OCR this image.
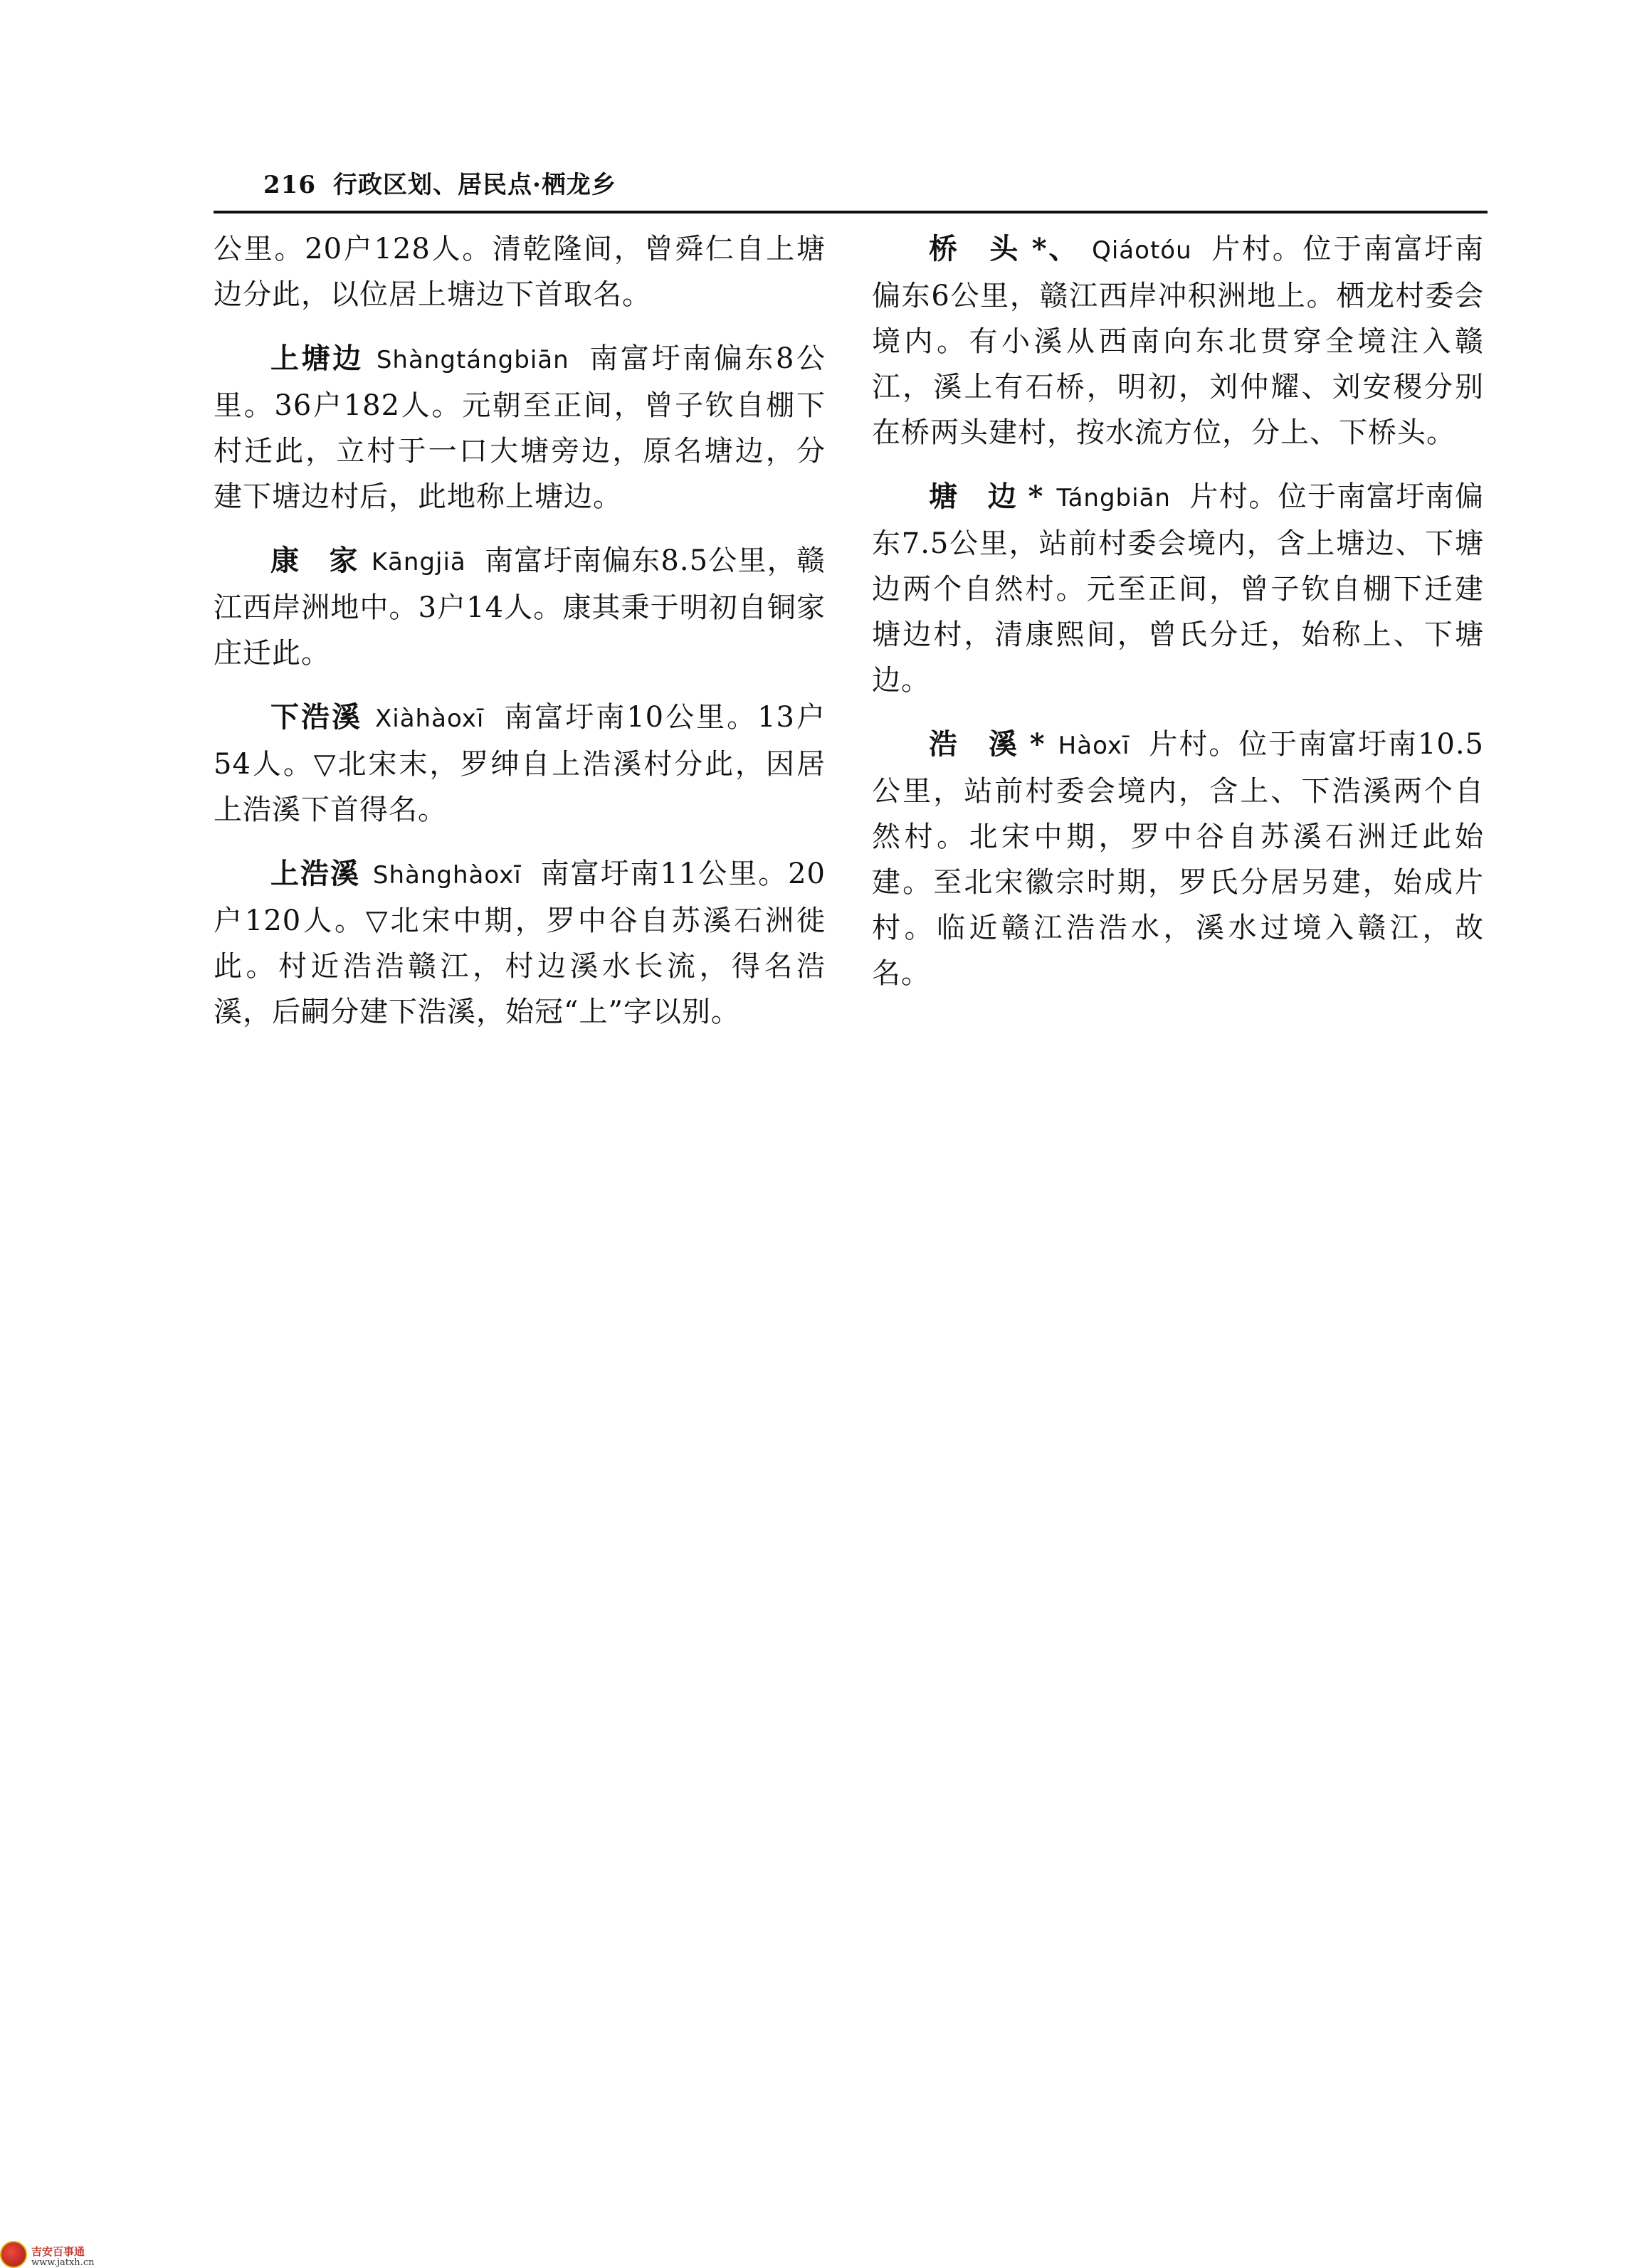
216 行政区划、居民点·栖龙乡

公里。20户128人。清乾隆间，曾舜仁自上塘边分此，以位居上塘边下首取名。

上塘边 Shàngtángbiān 南富圩南偏东8公里。36户182人。元朝至正间，曾子钦自棚下村迁此，立村于一口大塘旁边，原名塘边，分建下塘边村后，此地称上塘边。

康　家 Kāngjiā 南富圩南偏东8.5公里，赣江西岸洲地中。3户14人。康其秉于明初自铜家庄迁此。

下浩溪 Xiàhàoxī 南富圩南10公里。13户54人。▽北宋末，罗绅自上浩溪村分此，因居上浩溪下首得名。

上浩溪 Shànghàoxī 南富圩南11公里。20户120人。▽北宋中期，罗中谷自苏溪石洲徙此。村近浩浩赣江，村边溪水长流，得名浩溪，后嗣分建下浩溪，始冠“上”字以别。

桥　头 *、 Qiáotóu 片村。位于南富圩南偏东6公里，赣江西岸冲积洲地上。栖龙村委会境内。有小溪从西南向东北贯穿全境注入赣江，溪上有石桥，明初，刘仲耀、刘安稷分别在桥两头建村，按水流方位，分上、下桥头。

塘　边 * Tángbiān 片村。位于南富圩南偏东7.5公里，站前村委会境内，含上塘边、下塘边两个自然村。元至正间，曾子钦自棚下迁建塘边村，清康熙间，曾氏分迁，始称上、下塘边。

浩　溪 * Hàoxī 片村。位于南富圩南10.5公里，站前村委会境内，含上、下浩溪两个自然村。北宋中期，罗中谷自苏溪石洲迁此始建。至北宋徽宗时期，罗氏分居另建，始成片村。临近赣江浩浩水，溪水过境入赣江，故名。

吉安百事通
www.jatxh.cn
